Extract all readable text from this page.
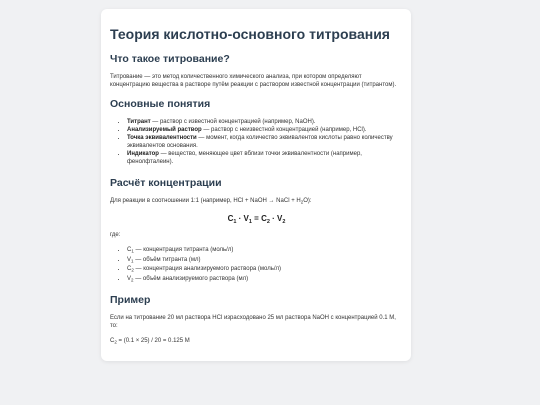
Теория кислотно-основного титрования
Что такое титрование?

Титрование — это метод количественного химического анализа, при котором определяют концентрацию вещества в растворе путём реакции с раствором известной концентрации (титрантом).

Основные понятия
• Титрант — раствор с известной концентрацией (например, NaOH).
• Анализируемый раствор — раствор с неизвестной концентрацией (например, HCl).
• Точка эквивалентности — момент, когда количество эквивалентов кислоты равно количеству эквивалентов основания.
• Индикатор — вещество, меняющее цвет вблизи точки эквивалентности (например, фенолфталеин).
Расчёт концентрации

Для реакции в соотношении 1:1 (например, HCl + NaOH → NaCl + $H_2O$):

$C_1 \cdot V_1 = C_2 \cdot V_2$

где:

• $C_1$ — концентрация титранта (моль/л)
• $V_1$ — объём титранта (мл)
• $C_2$ — концентрация анализируемого раствора (моль/л)
• $V_2$ — объём анализируемого раствора (мл)
Пример

Если на титрование 20 мл раствора HCl израсходовано 25 мл раствора NaOH с концентрацией 0.1 М, то:

$C_2 = (0.1 \times 25) / 20 = 0.125$ М
